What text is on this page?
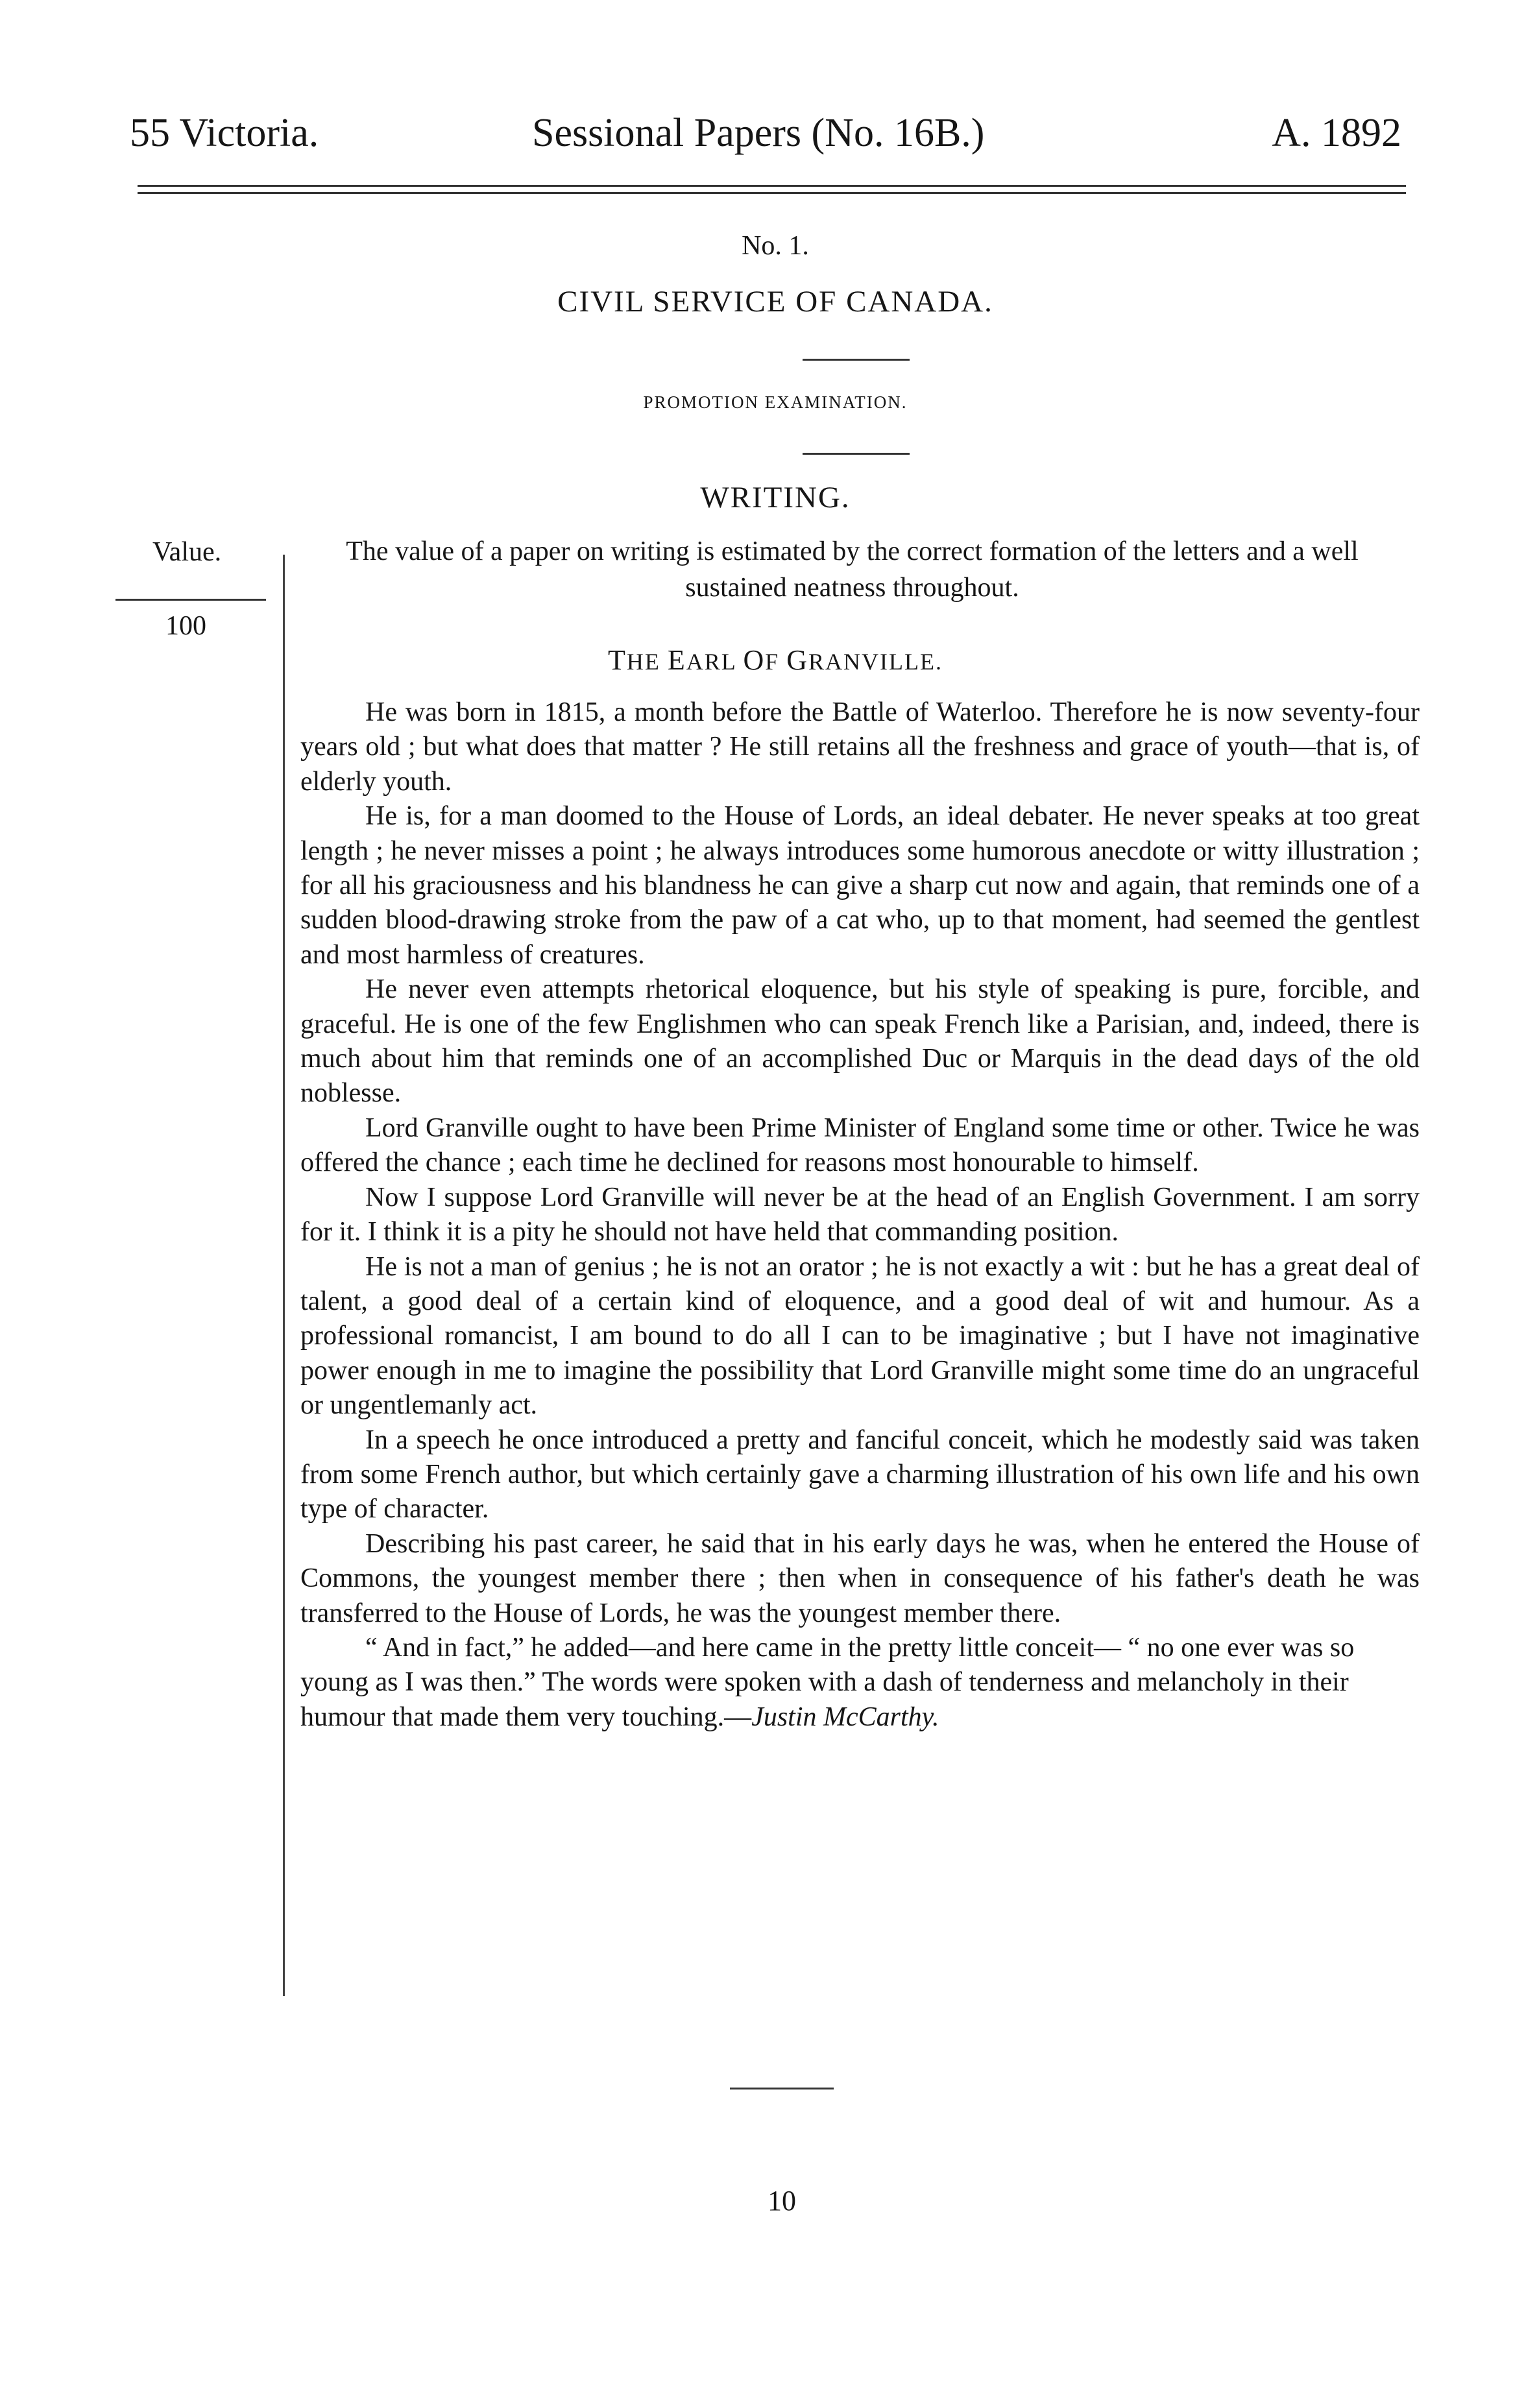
55 Victoria.	Sessional Papers (No. 16B.)	A. 1892
No. 1.
CIVIL SERVICE OF CANADA.
PROMOTION EXAMINATION.
WRITING.
Value.
100
The value of a paper on writing is estimated by the correct formation of the letters and a well sustained neatness throughout.
THE EARL OF GRANVILLE.

He was born in 1815, a month before the Battle of Waterloo. Therefore he is now seventy-four years old ; but what does that matter ? He still retains all the freshness and grace of youth—that is, of elderly youth.

He is, for a man doomed to the House of Lords, an ideal debater. He never speaks at too great length ; he never misses a point ; he always introduces some humorous anecdote or witty illustration ; for all his graciousness and his blandness he can give a sharp cut now and again, that reminds one of a sudden blood-drawing stroke from the paw of a cat who, up to that moment, had seemed the gentlest and most harmless of creatures.

He never even attempts rhetorical eloquence, but his style of speaking is pure, forcible, and graceful. He is one of the few Englishmen who can speak French like a Parisian, and, indeed, there is much about him that reminds one of an accomplished Duc or Marquis in the dead days of the old noblesse.

Lord Granville ought to have been Prime Minister of England some time or other. Twice he was offered the chance ; each time he declined for reasons most honourable to himself.

Now I suppose Lord Granville will never be at the head of an English Government. I am sorry for it. I think it is a pity he should not have held that commanding position.

He is not a man of genius ; he is not an orator ; he is not exactly a wit : but he has a great deal of talent, a good deal of a certain kind of eloquence, and a good deal of wit and humour. As a professional romancist, I am bound to do all I can to be imaginative ; but I have not imaginative power enough in me to imagine the possibility that Lord Granville might some time do an ungraceful or ungentlemanly act.

In a speech he once introduced a pretty and fanciful conceit, which he modestly said was taken from some French author, but which certainly gave a charming illustration of his own life and his own type of character.

Describing his past career, he said that in his early days he was, when he entered the House of Commons, the youngest member there ; then when in consequence of his father's death he was transferred to the House of Lords, he was the youngest member there.

“ And in fact,” he added—and here came in the pretty little conceit— “ no one ever was so young as I was then.” The words were spoken with a dash of tenderness and melancholy in their humour that made them very touching.—Justin McCarthy.

10
